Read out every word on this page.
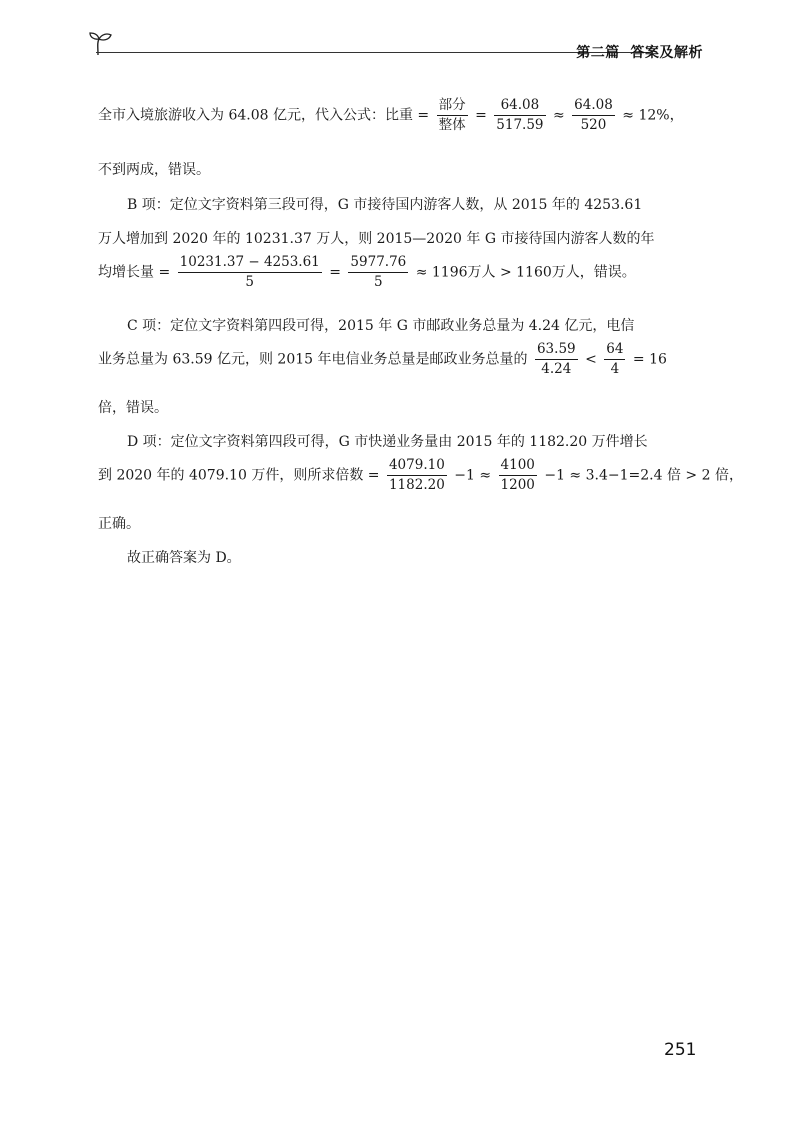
第二篇 答案及解析
全市入境旅游收入为 64.08 亿元，代入公式：比重 = $\frac{\text{部分}}{\text{整体}} = \frac{64.08}{517.59} \approx \frac{64.08}{520} \approx 12\%$，
不到两成，错误。
B 项：定位文字资料第三段可得，G 市接待国内游客人数，从 2015 年的 4253.61
万人增加到 2020 年的 10231.37 万人，则 2015—2020 年 G 市接待国内游客人数的年
均增长量 = $\frac{10231.37 - 4253.61}{5} = \frac{5977.76}{5} \approx 1196$万人 > 1160万人，错误。
C 项：定位文字资料第四段可得，2015 年 G 市邮政业务总量为 4.24 亿元，电信
业务总量为 63.59 亿元，则 2015 年电信业务总量是邮政业务总量的 $\frac{63.59}{4.24} < \frac{64}{4} = 16$
倍，错误。
D 项：定位文字资料第四段可得，G 市快递业务量由 2015 年的 1182.20 万件增长
到 2020 年的 4079.10 万件，则所求倍数 = $\frac{4079.10}{1182.20} -1 \approx \frac{4100}{1200} -1 \approx 3.4-1=2.4$ 倍 > 2 倍，
正确。
故正确答案为 D。
251
